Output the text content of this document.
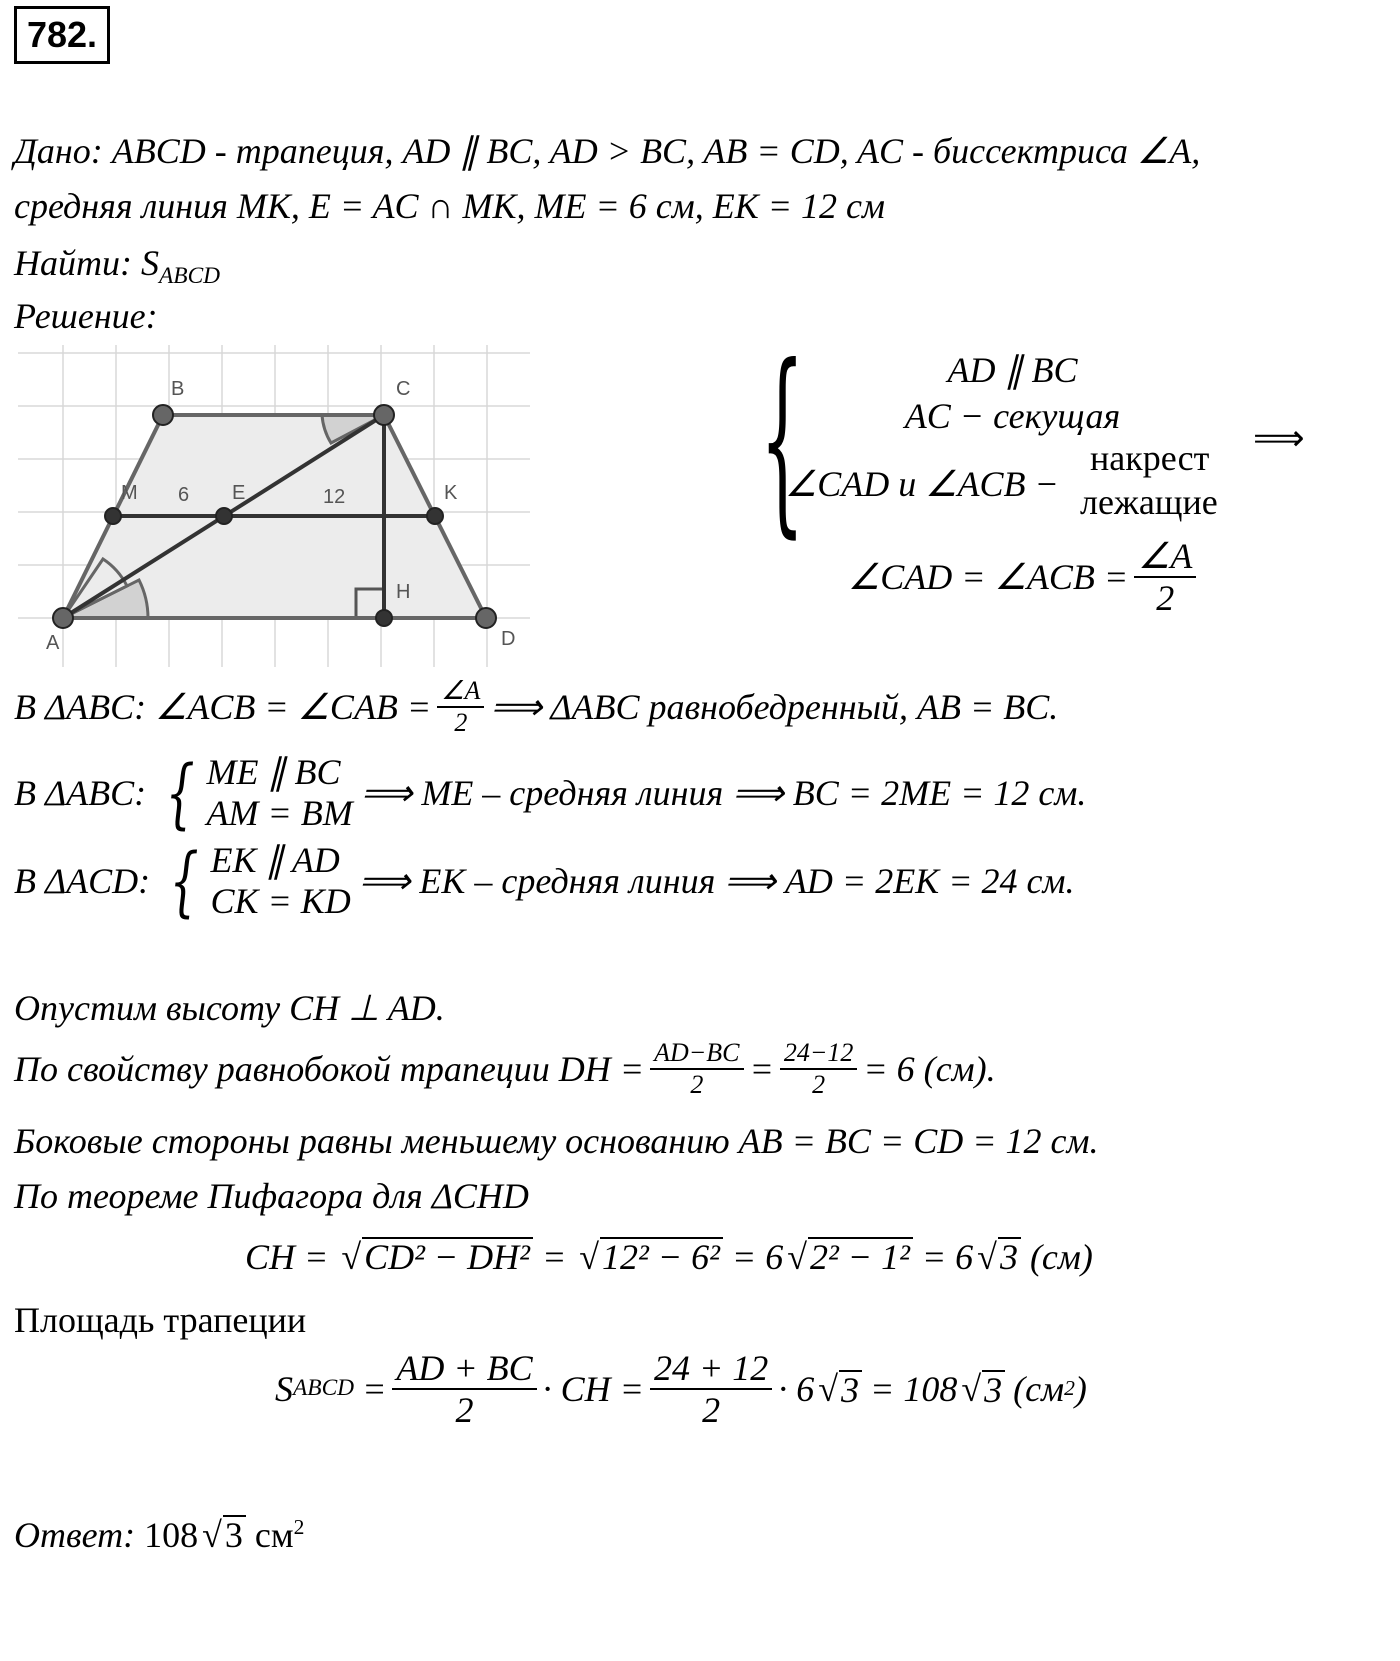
782.
Дано: ABCD - трапеция, AD ∥ BC, AD > BC, AB = CD, AC - биссектриса ∠A,
средняя линия MK, E = AC ∩ MK, ME = 6 см, EK = 12 см
Найти: $S_{ABCD}$
Решение:
A
B	C
D
M	E	K
H
6	12 {	AD ∥ BC
AC − секущая
∠CAD и ∠ACB −
накрест
лежащие
⟹
∠CAD = ∠ACB = $\frac{\angle A}{2}$
В ΔABC: ∠ACB = ∠CAB = $\frac{\angle A}{2}$ ⟹ ΔABC равнобедренный, AB = BC.
В ΔABC: { ME ∥ BC
AM = BM ⟹ ME – средняя линия ⟹ BC = 2ME = 12 см.
В ΔACD: { EK ∥ AD
CK = KD ⟹ EK – средняя линия ⟹ AD = 2EK = 24 см.
Опустим высоту CH ⊥ AD.
По свойству равнобокой трапеции DH = $\frac{AD-BC}{2} = \frac{24-12}{2} = 6$ (см).
Боковые стороны равны меньшему основанию AB = BC = CD = 12 см.
По теореме Пифагора для ΔCHD
CH = √CD² − DH² = √12² − 6² = 6 √2² − 1² = 6 √3 (см)
Площадь трапеции
S ABCD = $\frac{AD + BC}{2}$ · CH = $\frac{24 + 12}{2} \cdot 6$ √ 3 = 108 √ 3 (см 2 )
Ответ: 108 √3 $см^2$
